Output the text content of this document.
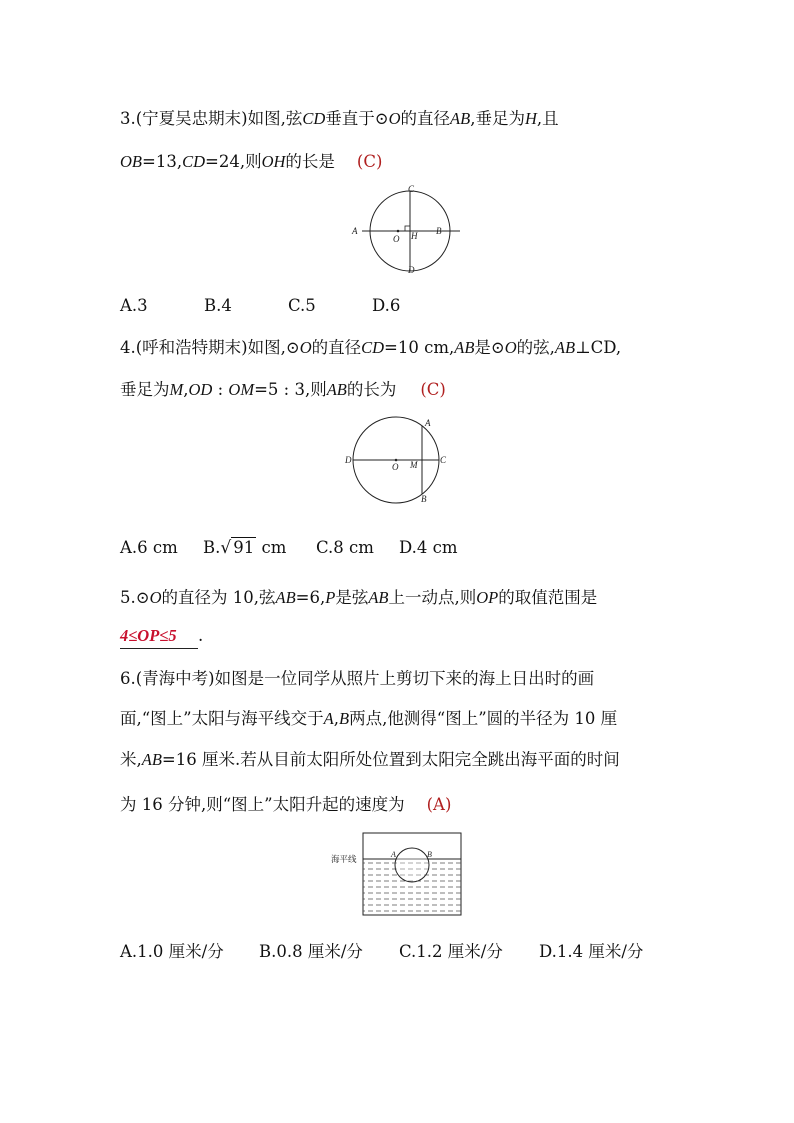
3.(宁夏吴忠期末)如图,弦CD垂直于⊙O的直径AB,垂足为H,且
OB=13,CD=24,则OH的长是 (C)
A	B
C
D
O H
A.3	B.4	C.5	D.6
4.(呼和浩特期末)如图,⊙O的直径CD=10 cm,AB是⊙O的弦,AB⊥CD,
垂足为M,OD : OM=5 : 3,则AB的长为 (C)
A
B
C
D
O M
A.6 cm B.√ 91 cm C.8 cm D.4 cm
5.⊙O的直径为 10,弦AB=6,P是弦AB上一动点,则OP的取值范围是
4≤OP≤5 .
6.(青海中考)如图是一位同学从照片上剪切下来的海上日出时的画
面,“图上”太阳与海平线交于A,B两点,他测得“图上”圆的半径为 10 厘
米,AB=16 厘米.若从目前太阳所处位置到太阳完全跳出海平面的时间
为 16 分钟,则“图上”太阳升起的速度为 (A)
海平线
A	B
A.1.0 厘米/分 B.0.8 厘米/分 C.1.2 厘米/分 D.1.4 厘米/分
